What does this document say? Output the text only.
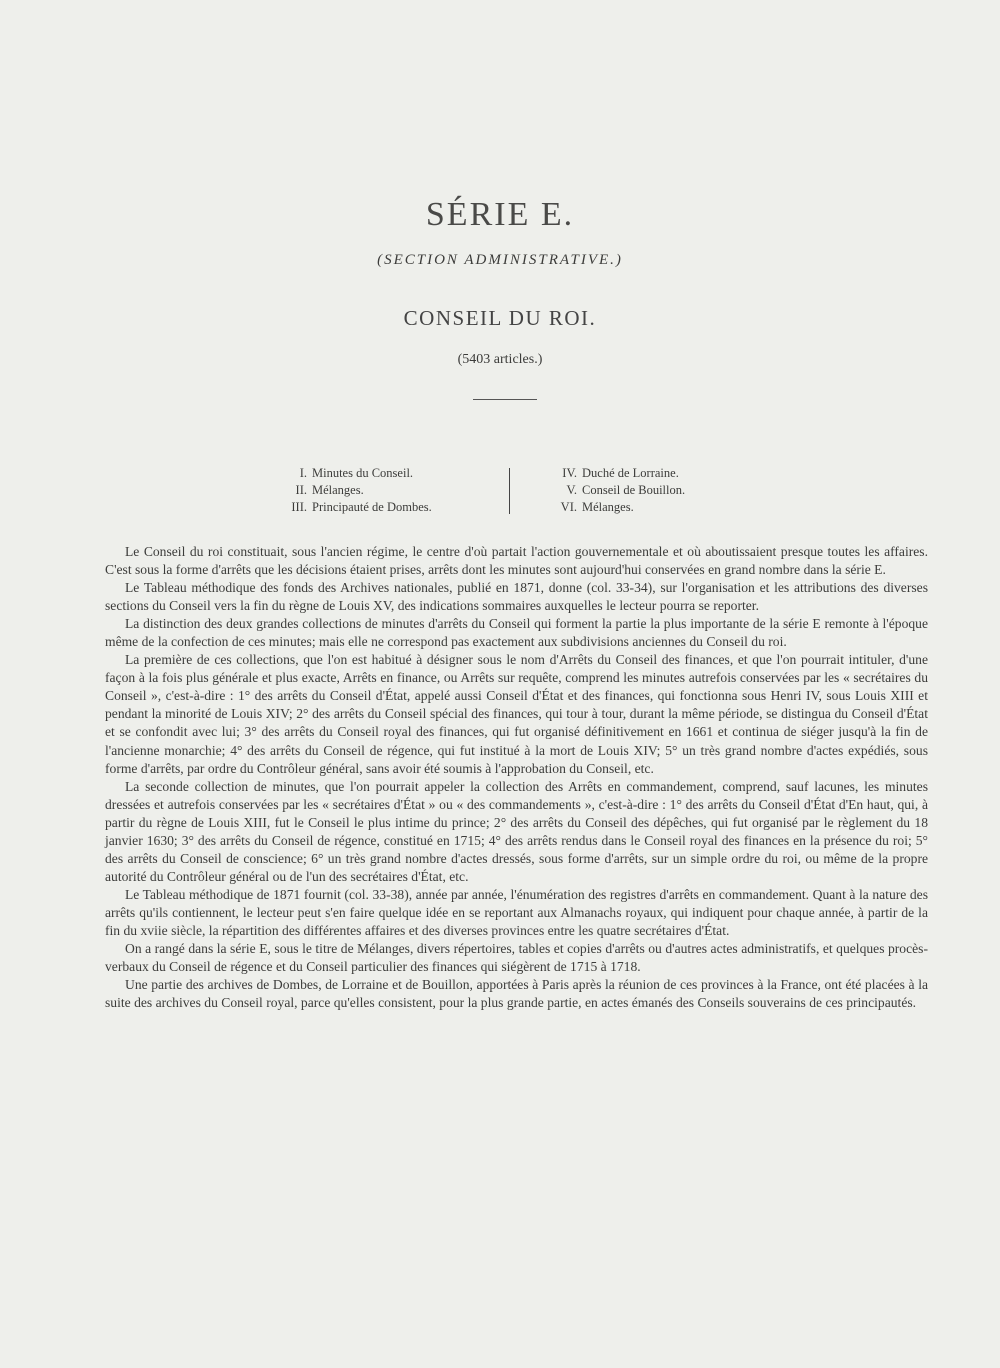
SÉRIE E.
(SECTION ADMINISTRATIVE.)
CONSEIL DU ROI.
(5403 articles.)
I. Minutes du Conseil.
II. Mélanges.
III. Principauté de Dombes.
IV. Duché de Lorraine.
V. Conseil de Bouillon.
VI. Mélanges.

Le Conseil du roi constituait, sous l'ancien régime, le centre d'où partait l'action gouvernementale et où aboutissaient presque toutes les affaires. C'est sous la forme d'arrêts que les décisions étaient prises, arrêts dont les minutes sont aujourd'hui conservées en grand nombre dans la série E.

Le Tableau méthodique des fonds des Archives nationales, publié en 1871, donne (col. 33-34), sur l'organisation et les attributions des diverses sections du Conseil vers la fin du règne de Louis XV, des indications sommaires auxquelles le lecteur pourra se reporter.

La distinction des deux grandes collections de minutes d'arrêts du Conseil qui forment la partie la plus importante de la série E remonte à l'époque même de la confection de ces minutes; mais elle ne correspond pas exactement aux subdivisions anciennes du Conseil du roi.

La première de ces collections, que l'on est habitué à désigner sous le nom d'Arrêts du Conseil des finances, et que l'on pourrait intituler, d'une façon à la fois plus générale et plus exacte, Arrêts en finance, ou Arrêts sur requête, comprend les minutes autrefois conservées par les « secrétaires du Conseil », c'est-à-dire : 1° des arrêts du Conseil d'État, appelé aussi Conseil d'État et des finances, qui fonctionna sous Henri IV, sous Louis XIII et pendant la minorité de Louis XIV; 2° des arrêts du Conseil spécial des finances, qui tour à tour, durant la même période, se distingua du Conseil d'État et se confondit avec lui; 3° des arrêts du Conseil royal des finances, qui fut organisé définitivement en 1661 et continua de siéger jusqu'à la fin de l'ancienne monarchie; 4° des arrêts du Conseil de régence, qui fut institué à la mort de Louis XIV; 5° un très grand nombre d'actes expédiés, sous forme d'arrêts, par ordre du Contrôleur général, sans avoir été soumis à l'approbation du Conseil, etc.

La seconde collection de minutes, que l'on pourrait appeler la collection des Arrêts en commandement, comprend, sauf lacunes, les minutes dressées et autrefois conservées par les « secrétaires d'État » ou « des commandements », c'est-à-dire : 1° des arrêts du Conseil d'État d'En haut, qui, à partir du règne de Louis XIII, fut le Conseil le plus intime du prince; 2° des arrêts du Conseil des dépêches, qui fut organisé par le règlement du 18 janvier 1630; 3° des arrêts du Conseil de régence, constitué en 1715; 4° des arrêts rendus dans le Conseil royal des finances en la présence du roi; 5° des arrêts du Conseil de conscience; 6° un très grand nombre d'actes dressés, sous forme d'arrêts, sur un simple ordre du roi, ou même de la propre autorité du Contrôleur général ou de l'un des secrétaires d'État, etc.

Le Tableau méthodique de 1871 fournit (col. 33-38), année par année, l'énumération des registres d'arrêts en commandement. Quant à la nature des arrêts qu'ils contiennent, le lecteur peut s'en faire quelque idée en se reportant aux Almanachs royaux, qui indiquent pour chaque année, à partir de la fin du xviie siècle, la répartition des différentes affaires et des diverses provinces entre les quatre secrétaires d'État.

On a rangé dans la série E, sous le titre de Mélanges, divers répertoires, tables et copies d'arrêts ou d'autres actes administratifs, et quelques procès-verbaux du Conseil de régence et du Conseil particulier des finances qui siégèrent de 1715 à 1718.

Une partie des archives de Dombes, de Lorraine et de Bouillon, apportées à Paris après la réunion de ces provinces à la France, ont été placées à la suite des archives du Conseil royal, parce qu'elles consistent, pour la plus grande partie, en actes émanés des Conseils souverains de ces principautés.
